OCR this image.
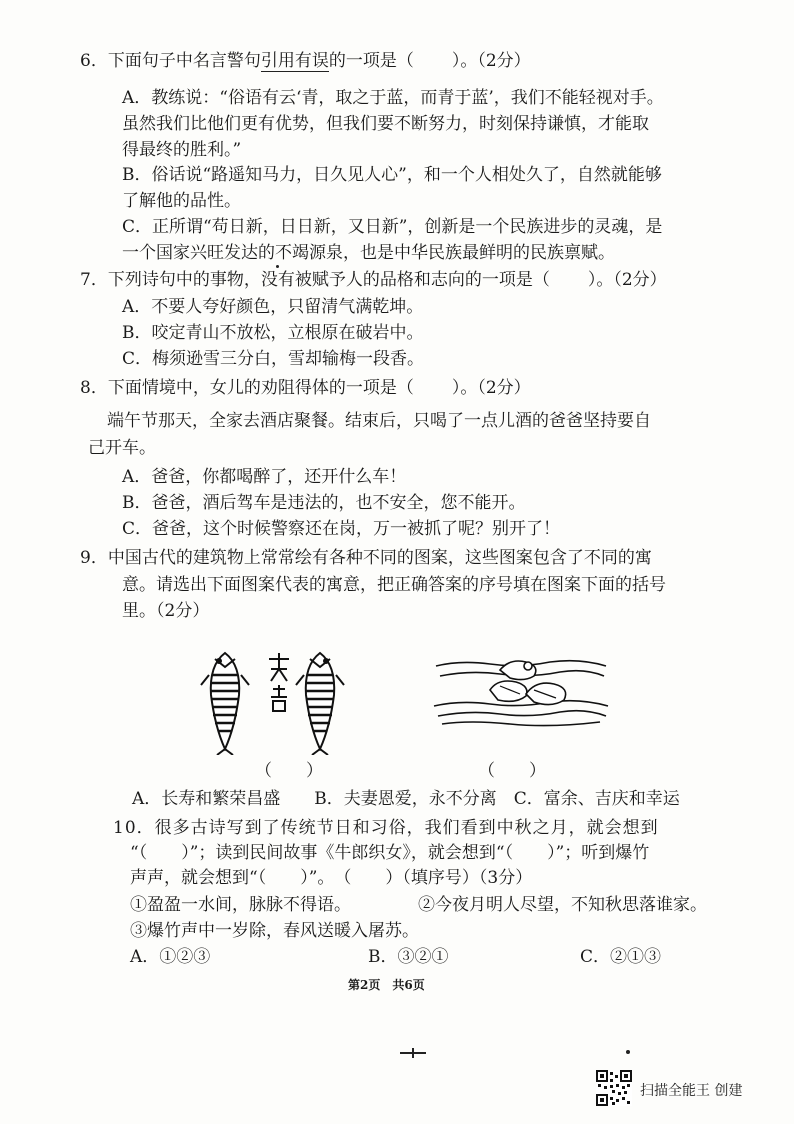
6．下面句子中名言警句引用有误的一项是（ ）。（2分）
A．教练说：“俗语有云‘青，取之于蓝，而青于蓝’，我们不能轻视对手。
虽然我们比他们更有优势，但我们要不断努力，时刻保持谦慎，才能取
得最终的胜利。”
B．俗话说“路遥知马力，日久见人心”，和一个人相处久了，自然就能够
了解他的品性。
C．正所谓“苟日新，日日新，又日新”，创新是一个民族进步的灵魂，是
一个国家兴旺发达的不竭源泉，也是中华民族最鲜明的民族禀赋。
7．下列诗句中的事物，没有被赋予人的品格和志向的一项是（ ）。（2分）
A．不要人夸好颜色，只留清气满乾坤。
B．咬定青山不放松，立根原在破岩中。
C．梅须逊雪三分白，雪却输梅一段香。
8．下面情境中，女儿的劝阻得体的一项是（ ）。（2分）
端午节那天，全家去酒店聚餐。结束后，只喝了一点儿酒的爸爸坚持要自
己开车。
A．爸爸，你都喝醉了，还开什么车！
B．爸爸，酒后驾车是违法的，也不安全，您不能开。
C．爸爸，这个时候警察还在岗，万一被抓了呢？别开了！
9．中国古代的建筑物上常常绘有各种不同的图案，这些图案包含了不同的寓
意。请选出下面图案代表的寓意，把正确答案的序号填在图案下面的括号
里。（2分）
（　　）	（　　）
A．长寿和繁荣昌盛　　B．夫妻恩爱，永不分离　C．富余、吉庆和幸运
10．很多古诗写到了传统节日和习俗，我们看到中秋之月，就会想到
“（　　）”；读到民间故事《牛郎织女》，就会想到“（　　）”；听到爆竹
声声，就会想到“（　　）”。　（　　）（填序号）（3分）
①盈盈一水间，脉脉不得语。	②今夜月明人尽望，不知秋思落谁家。
③爆竹声中一岁除，春风送暖入屠苏。
A．①②③	B．③②①	C．②①③
第2页　共6页
扫描全能王 创建
